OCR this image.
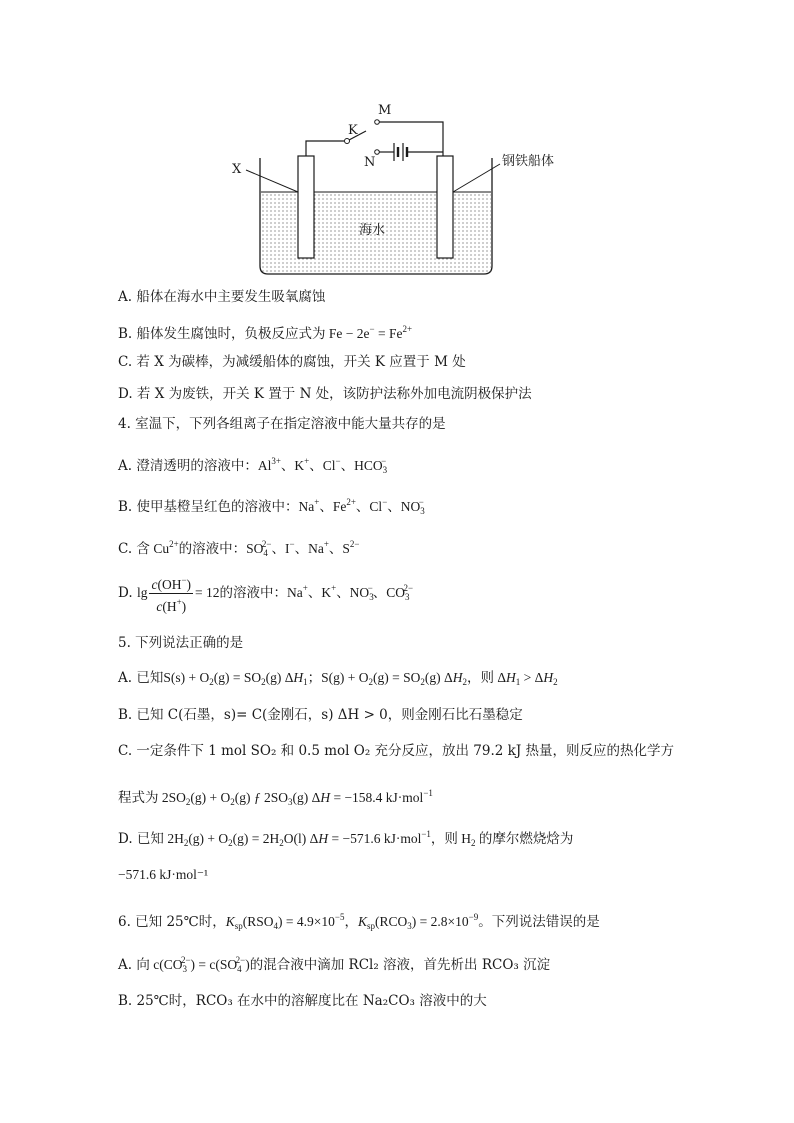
M
K
N
X
钢铁船体
海水
A. 船体在海水中主要发生吸氧腐蚀
B. 船体发生腐蚀时，负极反应式为 $Fe - 2e^- = Fe^{2+}$
C. 若 X 为碳棒，为减缓船体的腐蚀，开关 K 应置于 M 处
D. 若 X 为废铁，开关 K 置于 N 处，该防护法称外加电流阴极保护法
4. 室温下，下列各组离子在指定溶液中能大量共存的是
A. 澄清透明的溶液中：$Al^{3+}$、K+、Cl−、$HCO_3^-$
B. 使甲基橙呈红色的溶液中：Na+、$Fe^{2+}$、Cl−、$NO_3^-$
C. 含 $Cu^{2+}$的溶液中：$SO_4^{2-}$、I−、Na+、$S^{2-}$
D. $\lg \frac{c(OH^-)}{c(H^+)} = 12$的溶液中：Na+、K+、$NO_3^-$、$CO_3^{2-}$
5. 下列说法正确的是
A. 已知$S(s) + O_2(g) = SO_2(g)$ $\Delta H_1$；$S(g) + O_2(g) = SO_2(g)$ $\Delta H_2$，则 $\Delta H_1 > \Delta H_2$
B. 已知 C(石墨，s)= C(金刚石，s) ΔH > 0，则金刚石比石墨稳定
C. 一定条件下 1 mol SO₂ 和 0.5 mol O₂ 充分反应，放出 79.2 kJ 热量，则反应的热化学方
程式为 $2SO_2(g) + O_2(g)$ ƒ $2SO_3(g) \Delta H = -158.4$ kJ·mol$^{-1}$
D. 已知 $2H_2(g) + O_2(g) = 2H_2O(l) \Delta H = -571.6$ kJ·mol$^{-1}$，则 $H_2$ 的摩尔燃烧焓为
−571.6 kJ·mol⁻¹
6. 已知 25℃时，$K_{sp}(RSO_4) = 4.9\times 10^{-5}$，$K_{sp}(RCO_3) = 2.8\times 10^{-9}$。下列说法错误的是
A. 向 $c(CO_3^{2-}) = c(SO_4^{2-})$的混合液中滴加 RCl₂ 溶液，首先析出 RCO₃ 沉淀
B. 25℃时，RCO₃ 在水中的溶解度比在 Na₂CO₃ 溶液中的大
